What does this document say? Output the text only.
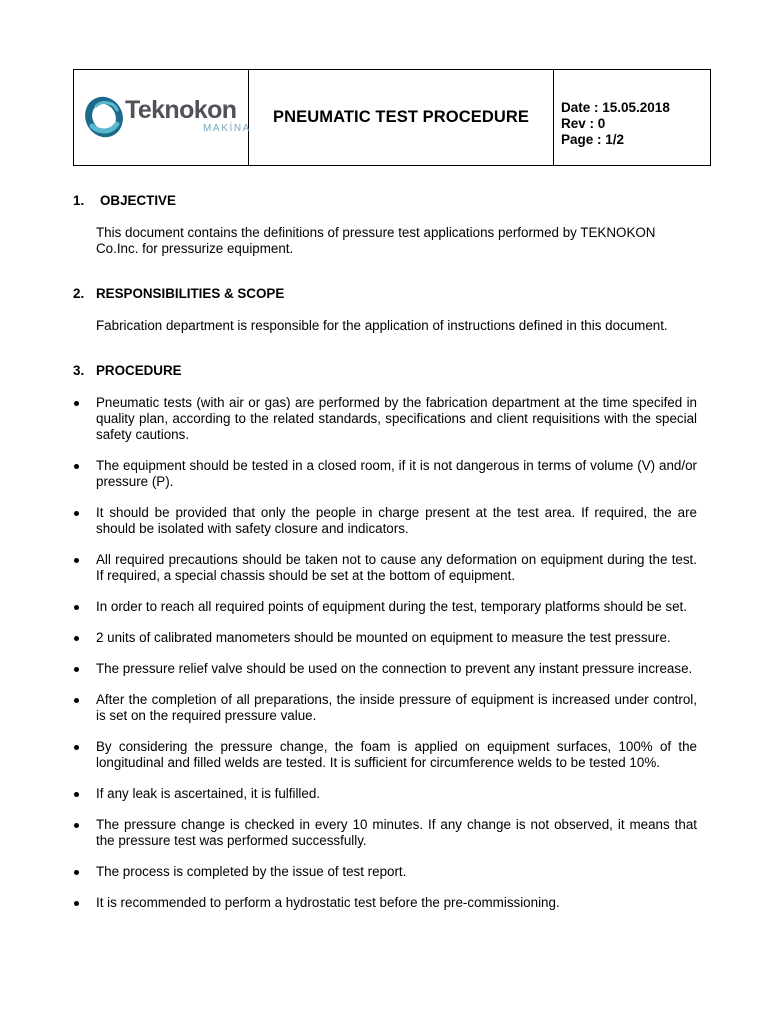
Teknokon
MAKİNA
PNEUMATIC TEST PROCEDURE
Date : 15.05.2018
Rev : 0
Page : 1/2
1.	OBJECTIVE
This document contains the definitions of pressure test applications performed by TEKNOKON Co.Inc. for pressurize equipment.
2. RESPONSIBILITIES & SCOPE
Fabrication department is responsible for the application of instructions defined in this document.
3. PROCEDURE
Pneumatic tests (with air or gas) are performed by the fabrication department at the time specifed in quality plan, according to the related standards, specifications and client requisitions with the special safety cautions.
The equipment should be tested in a closed room, if it is not dangerous in terms of volume (V) and/or pressure (P).
It should be provided that only the people in charge present at the test area. If required, the are should be isolated with safety closure and indicators.
All required precautions should be taken not to cause any deformation on equipment during the test. If required, a special chassis should be set at the bottom of equipment.
In order to reach all required points of equipment during the test, temporary platforms should be set.
2 units of calibrated manometers should be mounted on equipment to measure the test pressure.
The pressure relief valve should be used on the connection to prevent any instant pressure increase.
After the completion of all preparations, the inside pressure of equipment is increased under control, is set on the required pressure value.
By considering the pressure change, the foam is applied on equipment surfaces, 100% of the longitudinal and filled welds are tested. It is sufficient for circumference welds to be tested 10%.
If any leak is ascertained, it is fulfilled.
The pressure change is checked in every 10 minutes. If any change is not observed, it means that the pressure test was performed successfully.
The process is completed by the issue of test report.
It is recommended to perform a hydrostatic test before the pre-commissioning.
